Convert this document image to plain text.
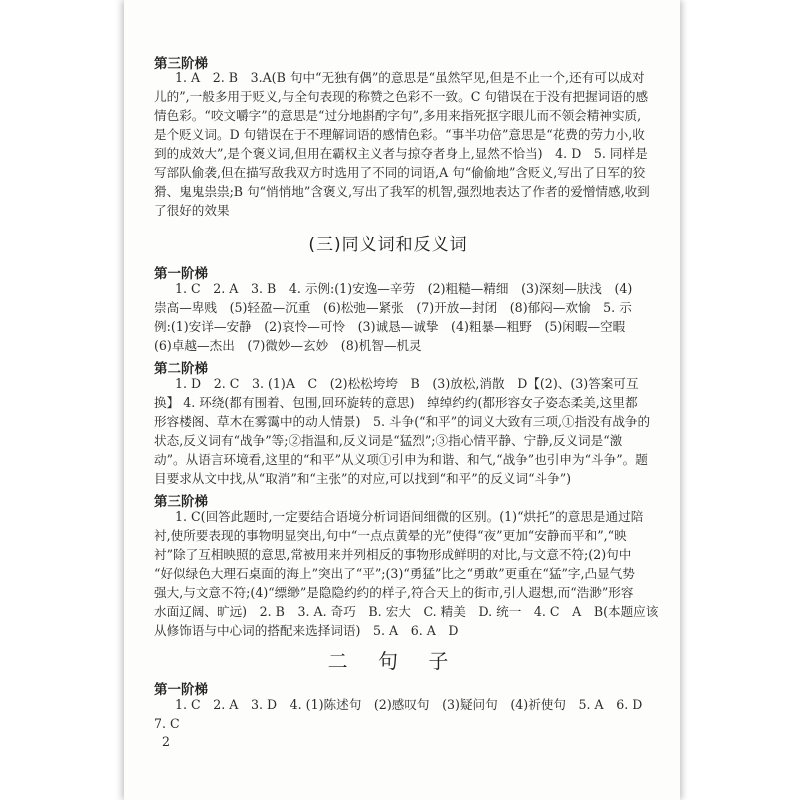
第三阶梯
1. A　2. B　3.A(B 句中“无独有偶”的意思是“虽然罕见,但是不止一个,还有可以成对
儿的”,一般多用于贬义,与全句表现的称赞之色彩不一致。C 句错误在于没有把握词语的感
情色彩。“咬文嚼字”的意思是“过分地斟酌字句”,多用来指死抠字眼儿而不领会精神实质,
是个贬义词。D 句错误在于不理解词语的感情色彩。“事半功倍”意思是“花费的劳力小,收
到的成效大”,是个褒义词,但用在霸权主义者与掠夺者身上,显然不恰当)　4. D　5. 同样是
写部队偷袭,但在描写敌我双方时选用了不同的词语,A 句“偷偷地”含贬义,写出了日军的狡
猾、鬼鬼祟祟;B 句“悄悄地”含褒义,写出了我军的机智,强烈地表达了作者的爱憎情感,收到
了很好的效果
(三)同义词和反义词
第一阶梯
1. C　2. A　3. B　4. 示例:(1)安逸—辛劳　(2)粗糙—精细　(3)深刻—肤浅　(4)
崇高—卑贱　(5)轻盈—沉重　(6)松弛—紧张　(7)开放—封闭　(8)郁闷—欢愉　5. 示
例:(1)安详—安静　(2)哀怜—可怜　(3)诚恳—诚挚　(4)粗暴—粗野　(5)闲暇—空暇
(6)卓越—杰出　(7)微妙—玄妙　(8)机智—机灵
第二阶梯
1. D　2. C　3. (1)A　C　(2)松松垮垮　B　(3)放松,消散　D【(2)、(3)答案可互
换】 4. 环绕(都有围着、包围,回环旋转的意思)　绰绰约约(都形容女子姿态柔美,这里都
形容楼阁、草木在雾霭中的动人情景)　5. 斗争(“和平”的词义大致有三项,①指没有战争的
状态,反义词有“战争”等;②指温和,反义词是“猛烈”;③指心情平静、宁静,反义词是“激
动”。从语言环境看,这里的“和平”从义项①引申为和谐、和气,“战争”也引申为“斗争”。题
目要求从文中找,从“取消”和“主张”的对应,可以找到“和平”的反义词“斗争”)
第三阶梯
1. C(回答此题时,一定要结合语境分析词语间细微的区别。(1)“烘托”的意思是通过陪
衬,使所要表现的事物明显突出,句中“一点点黄晕的光”使得“夜”更加“安静而平和”,“映
衬”除了互相映照的意思,常被用来并列相反的事物形成鲜明的对比,与文意不符;(2)句中
“好似绿色大理石桌面的海上”突出了“平”;(3)“勇猛”比之“勇敢”更重在“猛”字,凸显气势
强大,与文意不符;(4)“缥缈”是隐隐约约的样子,符合天上的街市,引人遐想,而“浩渺”形容
水面辽阔、旷远)　2. B　3. A. 奇巧　B. 宏大　C. 精美　D. 统一　4. C　A　B(本题应该
从修饰语与中心词的搭配来选择词语)　5. A　6. A　D
二 句 子
第一阶梯
1. C　2. A　3. D　4. (1)陈述句　(2)感叹句　(3)疑问句　(4)祈使句　5. A　6. D
7. C
2
